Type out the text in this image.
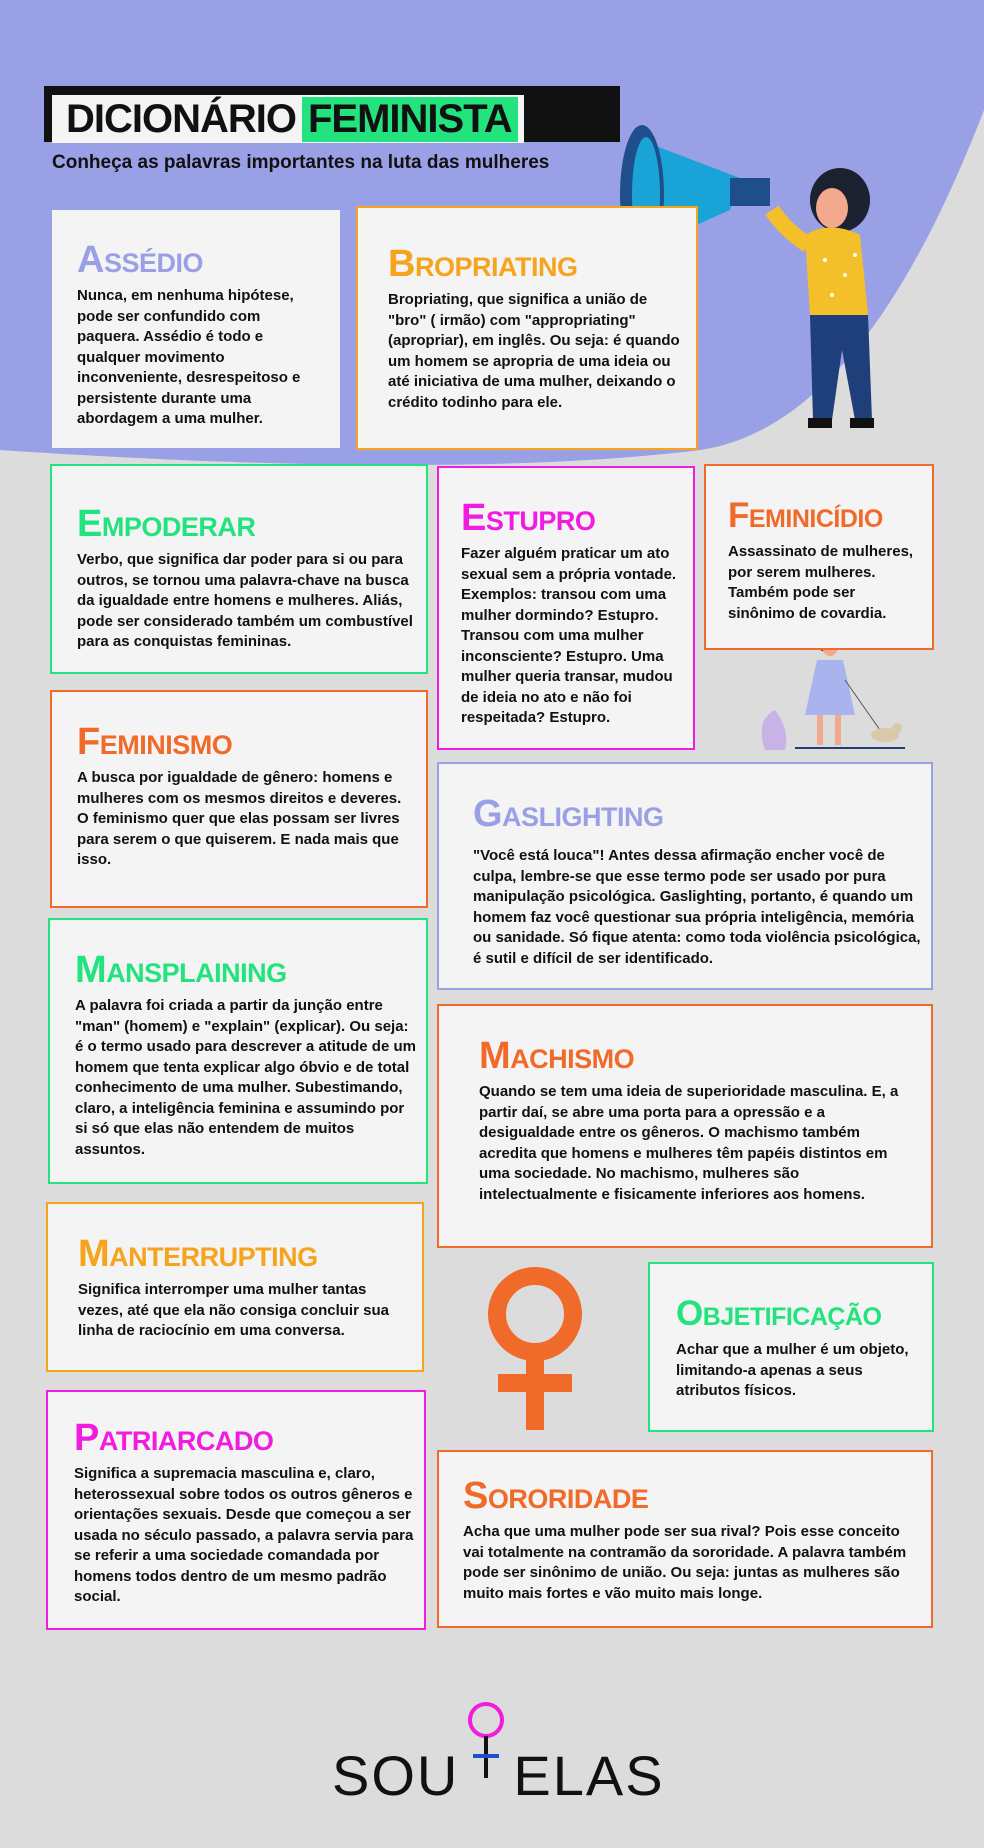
DICIONÁRIO FEMINISTA
Conheça as palavras importantes na luta das mulheres
Assédio

Nunca, em nenhuma hipótese, pode ser confundido com paquera. Assédio é todo e qualquer movimento inconveniente, desrespeitoso e persistente durante uma abordagem a uma mulher.

Bropriating

Bropriating, que significa a união de "bro" ( irmão) com "appropriating" (apropriar), em inglês. Ou seja: é quando um homem se apropria de uma ideia ou até iniciativa de uma mulher, deixando o crédito todinho para ele.

Empoderar

Verbo, que significa dar poder para si ou para outros, se tornou uma palavra-chave na busca da igualdade entre homens e mulheres. Aliás, pode ser considerado também um combustível para as conquistas femininas.

Estupro

Fazer alguém praticar um ato sexual sem a própria vontade. Exemplos: transou com uma mulher dormindo? Estupro. Transou com uma mulher inconsciente? Estupro. Uma mulher queria transar, mudou de ideia no ato e não foi respeitada? Estupro.

Feminicídio

Assassinato de mulheres, por serem mulheres. Também pode ser sinônimo de covardia.

Feminismo

A busca por igualdade de gênero: homens e mulheres com os mesmos direitos e deveres. O feminismo quer que elas possam ser livres para serem o que quiserem. E nada mais que isso.

Gaslighting

"Você está louca"! Antes dessa afirmação encher você de culpa, lembre-se que esse termo pode ser usado por pura manipulação psicológica. Gaslighting, portanto, é quando um homem faz você questionar sua própria inteligência, memória ou sanidade. Só fique atenta: como toda violência psicológica, é sutil e difícil de ser identificado.

Mansplaining

A palavra foi criada a partir da junção entre "man" (homem) e "explain" (explicar). Ou seja: é o termo usado para descrever a atitude de um homem que tenta explicar algo óbvio e de total conhecimento de uma mulher. Subestimando, claro, a inteligência feminina e assumindo por si só que elas não entendem de muitos assuntos.

Machismo

Quando se tem uma ideia de superioridade masculina. E, a partir daí, se abre uma porta para a opressão e a desigualdade entre os gêneros. O machismo também acredita que homens e mulheres têm papéis distintos em uma sociedade. No machismo, mulheres são intelectualmente e fisicamente inferiores aos homens.

Manterrupting

Significa interromper uma mulher tantas vezes, até que ela não consiga concluir sua linha de raciocínio em uma conversa.	Objetificação

Achar que a mulher é um objeto, limitando-a apenas a seus atributos físicos.

Patriarcado

Significa a supremacia masculina e, claro, heterossexual sobre todos os outros gêneros e orientações sexuais. Desde que começou a ser usada no século passado, a palavra servia para se referir a uma sociedade comandada por homens todos dentro de um mesmo padrão social.

Sororidade

Acha que uma mulher pode ser sua rival? Pois esse conceito vai totalmente na contramão da sororidade. A palavra também pode ser sinônimo de união. Ou seja: juntas as mulheres são muito mais fortes e vão muito mais longe.

SOU ELAS
